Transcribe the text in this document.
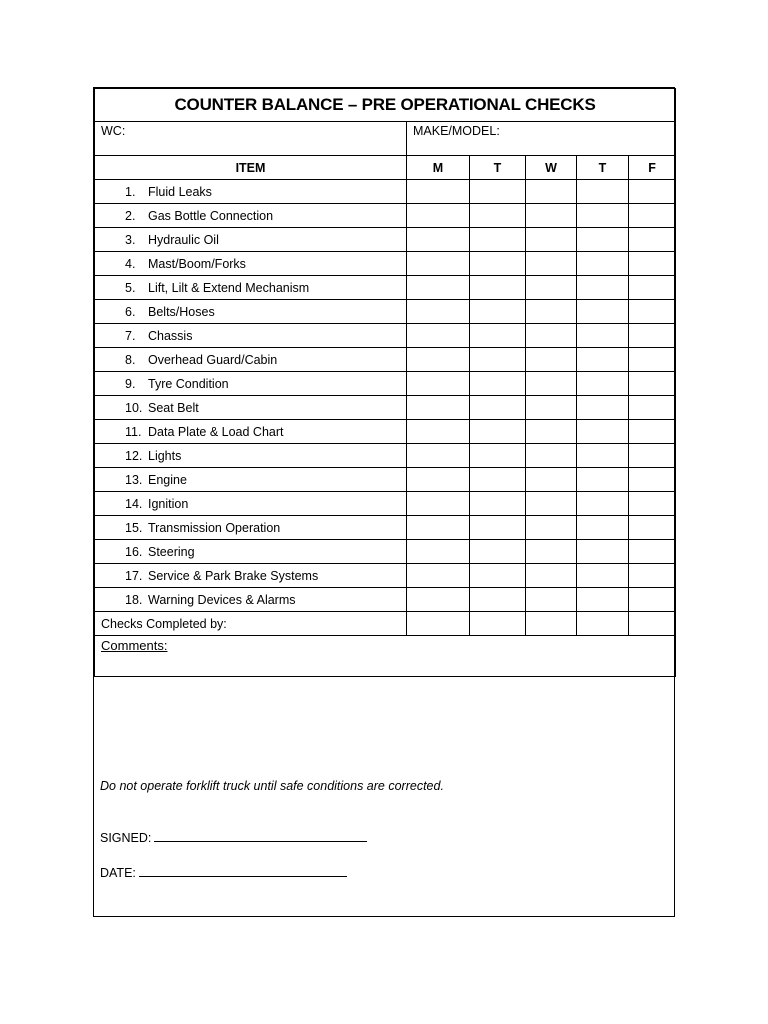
COUNTER BALANCE – PRE OPERATIONAL CHECKS					
WC:	MAKE/MODEL:				
ITEM	M	T	W	T	F
1. Fluid Leaks					
2. Gas Bottle Connection					
3. Hydraulic Oil					
4. Mast/Boom/Forks					
5. Lift, Lilt & Extend Mechanism					
6. Belts/Hoses					
7. Chassis					
8. Overhead Guard/Cabin					
9. Tyre Condition					
10. Seat Belt					
11. Data Plate & Load Chart					
12. Lights					
13. Engine					
14. Ignition					
15. Transmission Operation					
16. Steering					
17. Service & Park Brake Systems					
18. Warning Devices & Alarms					
Checks Completed by:					
Comments:					
Do not operate forklift truck until safe conditions are corrected.
SIGNED:
DATE:
